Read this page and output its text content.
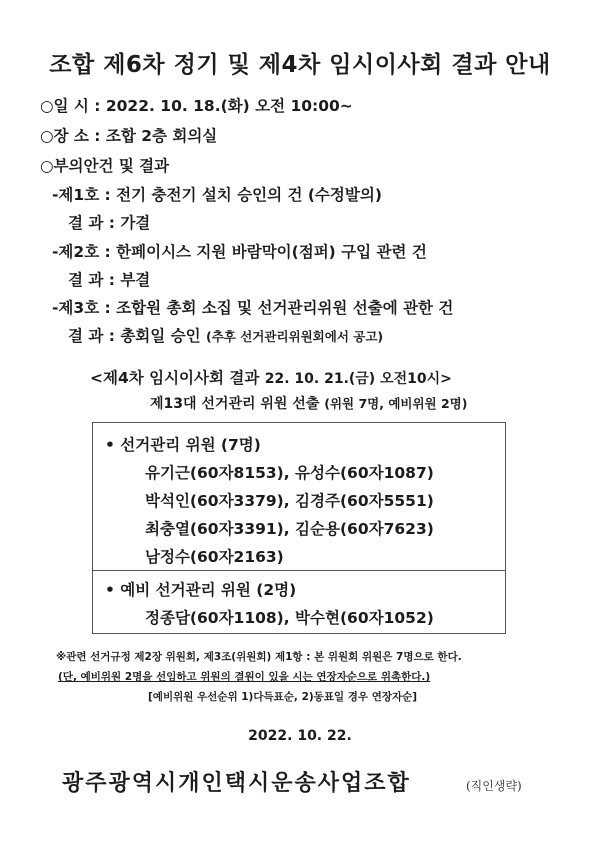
조합 제6차 정기 및 제4차 임시이사회 결과 안내
○일 시 : 2022. 10. 18.(화) 오전 10:00~
○장 소 : 조합 2층 회의실
○부의안건 및 결과
-제1호 : 전기 충전기 설치 승인의 건 (수정발의)
결 과 : 가결
-제2호 : 한페이시스 지원 바람막이(점퍼) 구입 관련 건
결 과 : 부결
-제3호 : 조합원 총회 소집 및 선거관리위원 선출에 관한 건
결 과 : 총회일 승인 (추후 선거관리위원회에서 공고)
<제4차 임시이사회 결과 22. 10. 21.(금) 오전10시>
제13대 선거관리 위원 선출 (위원 7명, 예비위원 2명)
• 선거관리 위원 (7명)
유기근(60자8153), 유성수(60자1087)
박석인(60자3379), 김경주(60자5551)
최충열(60자3391), 김순용(60자7623)
남정수(60자2163)
• 예비 선거관리 위원 (2명)
정종담(60자1108), 박수현(60자1052)
※관련 선거규정 제2장 위원회, 제3조(위원회) 제1항 : 본 위원회 위원은 7명으로 한다.
(단, 예비위원 2명을 선임하고 위원의 결원이 있을 시는 연장자순으로 위촉한다.)
[예비위원 우선순위 1)다득표순, 2)동표일 경우 연장자순]
2022. 10. 22.
광주광역시개인택시운송사업조합	(직인생략)
